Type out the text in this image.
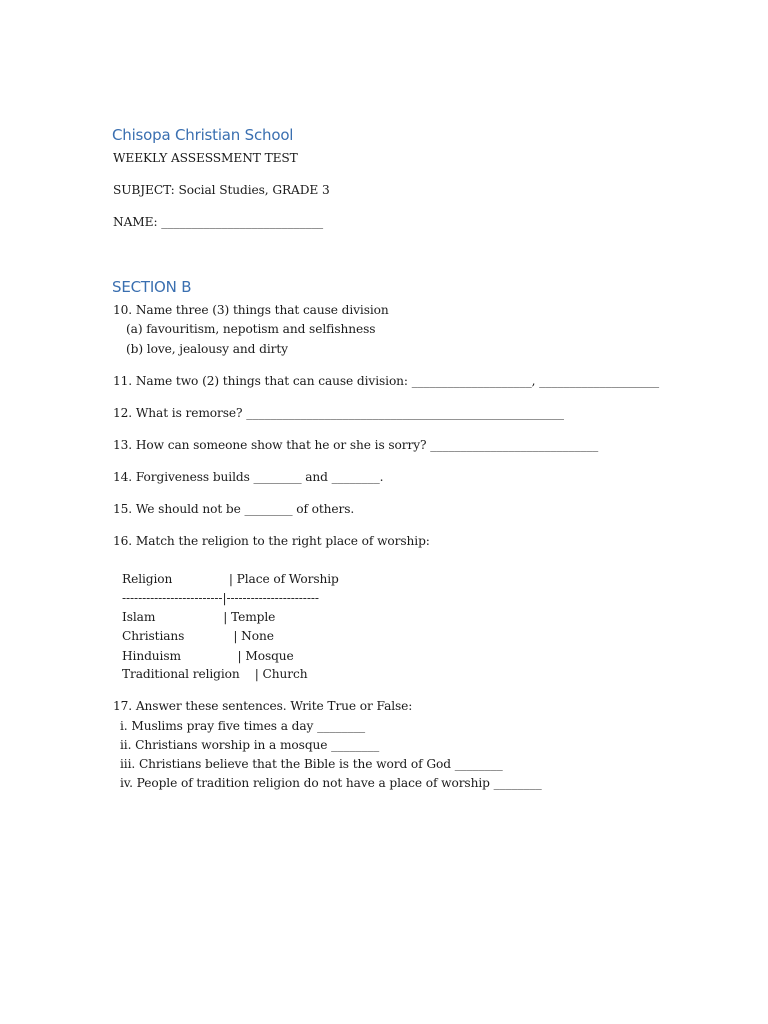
Chisopa Christian School
WEEKLY ASSESSMENT TEST
SUBJECT: Social Studies, GRADE 3
NAME: ___________________________
SECTION B
10. Name three (3) things that cause division
(a) favouritism, nepotism and selfishness
(b) love, jealousy and dirty
11. Name two (2) things that can cause division: ____________________, ____________________
12. What is remorse? _____________________________________________________
13. How can someone show that he or she is sorry? ____________________________
14. Forgiveness builds ________ and ________.
15. We should not be ________ of others.
16. Match the religion to the right place of worship:
Religion               | Place of Worship
-------------------------|-----------------------
Islam                  | Temple
Christians             | None
Hinduism               | Mosque
Traditional religion    | Church
17. Answer these sentences. Write True or False:
i. Muslims pray five times a day ________
ii. Christians worship in a mosque ________
iii. Christians believe that the Bible is the word of God ________
iv. People of tradition religion do not have a place of worship ________
